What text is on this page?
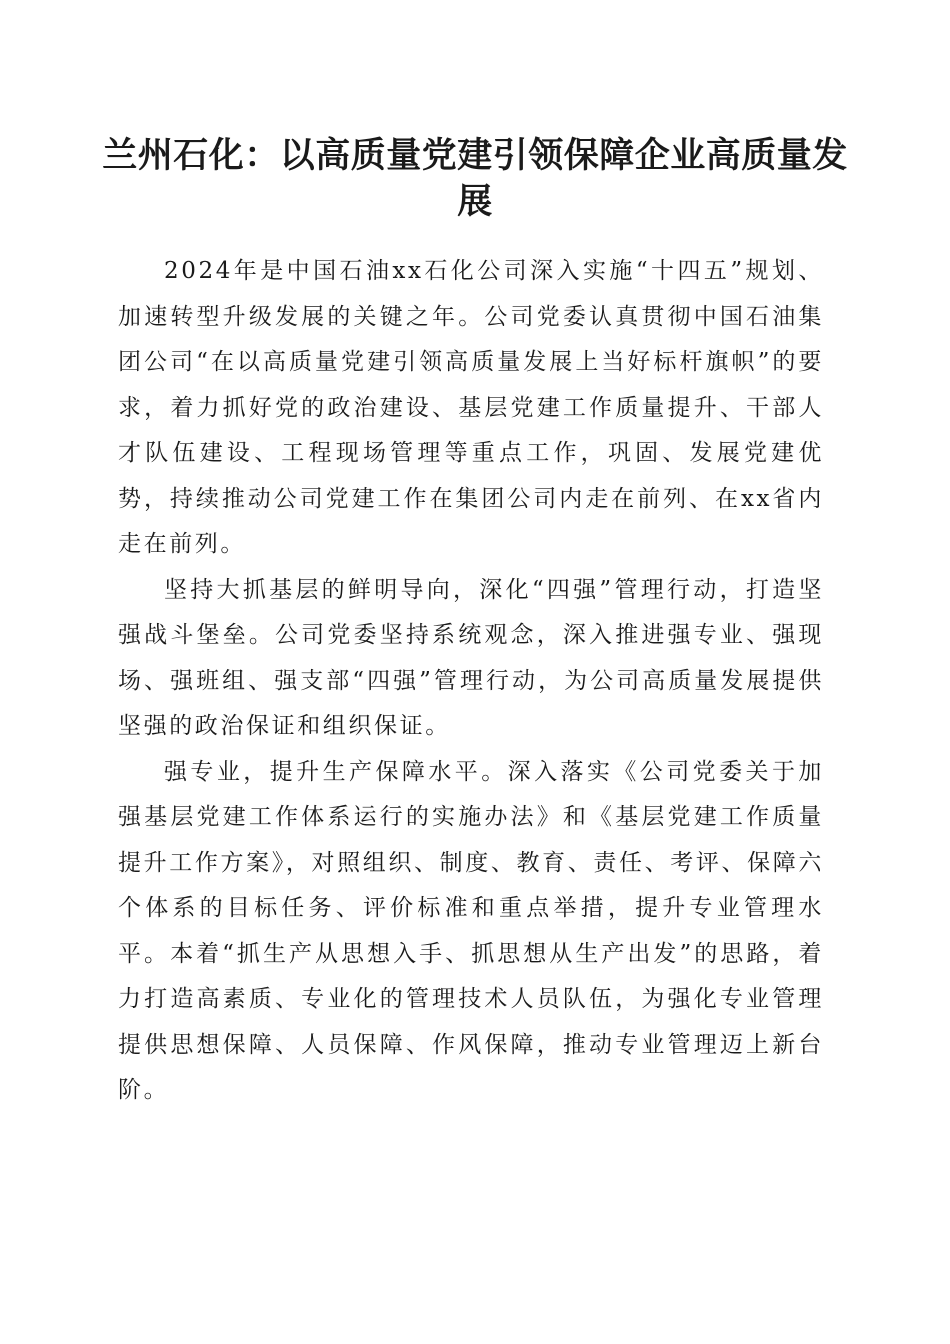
兰州石化：以高质量党建引领保障企业高质量发展

2024年是中国石油xx石化公司深入实施“十四五”规划、加速转型升级发展的关键之年。公司党委认真贯彻中国石油集团公司“在以高质量党建引领高质量发展上当好标杆旗帜”的要求，着力抓好党的政治建设、基层党建工作质量提升、干部人才队伍建设、工程现场管理等重点工作，巩固、发展党建优势，持续推动公司党建工作在集团公司内走在前列、在xx省内走在前列。

坚持大抓基层的鲜明导向，深化“四强”管理行动，打造坚强战斗堡垒。公司党委坚持系统观念，深入推进强专业、强现场、强班组、强支部“四强”管理行动，为公司高质量发展提供坚强的政治保证和组织保证。

强专业，提升生产保障水平。深入落实《公司党委关于加强基层党建工作体系运行的实施办法》和《基层党建工作质量提升工作方案》，对照组织、制度、教育、责任、考评、保障六个体系的目标任务、评价标准和重点举措，提升专业管理水平。本着“抓生产从思想入手、抓思想从生产出发”的思路，着力打造高素质、专业化的管理技术人员队伍，为强化专业管理提供思想保障、人员保障、作风保障，推动专业管理迈上新台阶。
